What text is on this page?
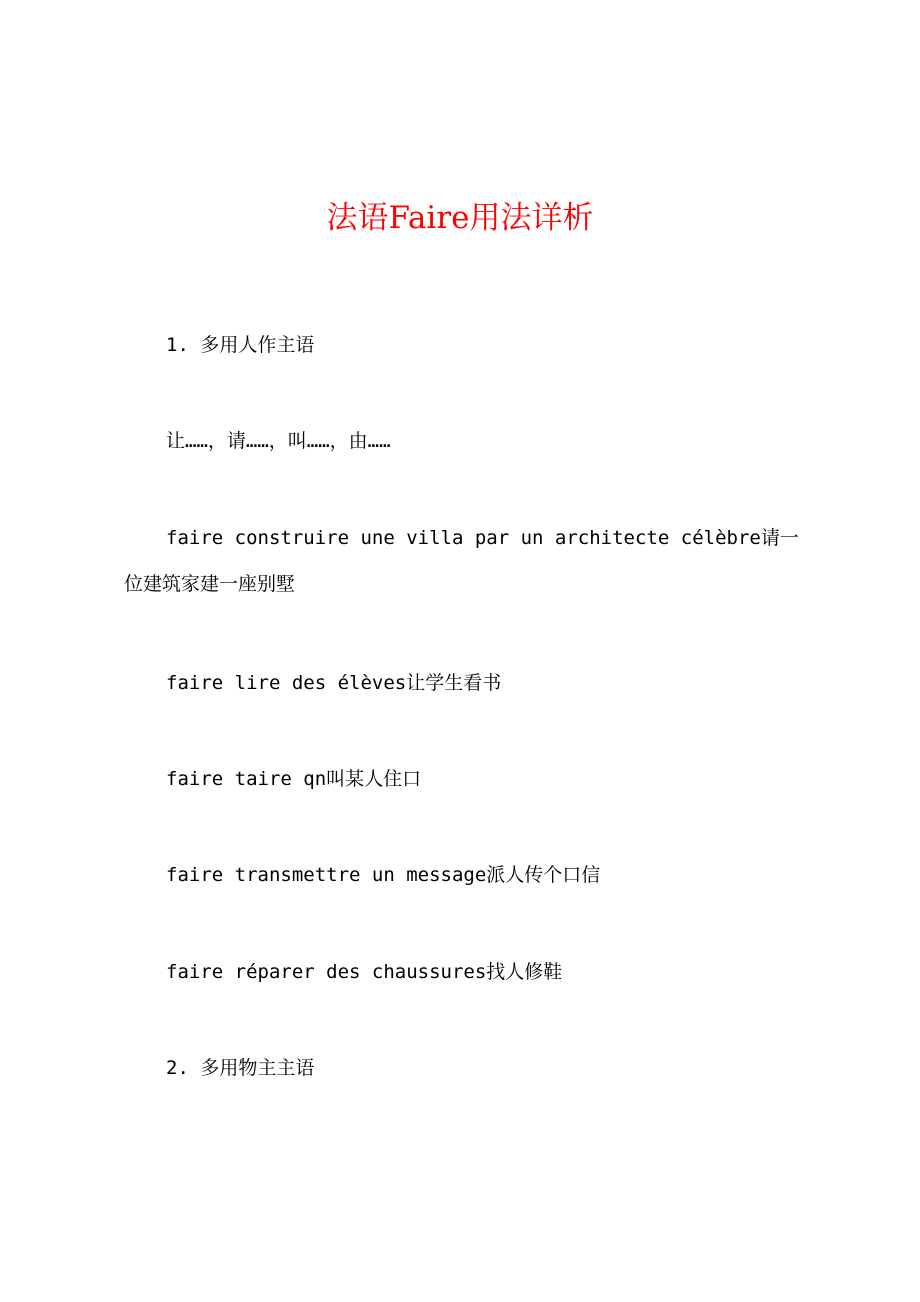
法语Faire用法详析

1. 多用人作主语

让……，请……，叫……，由……

faire construire une villa par un architecte célèbre请一位建筑家建一座别墅

faire lire des élèves让学生看书

faire taire qn叫某人住口

faire transmettre un message派人传个口信

faire réparer des chaussures找人修鞋

2. 多用物主主语
